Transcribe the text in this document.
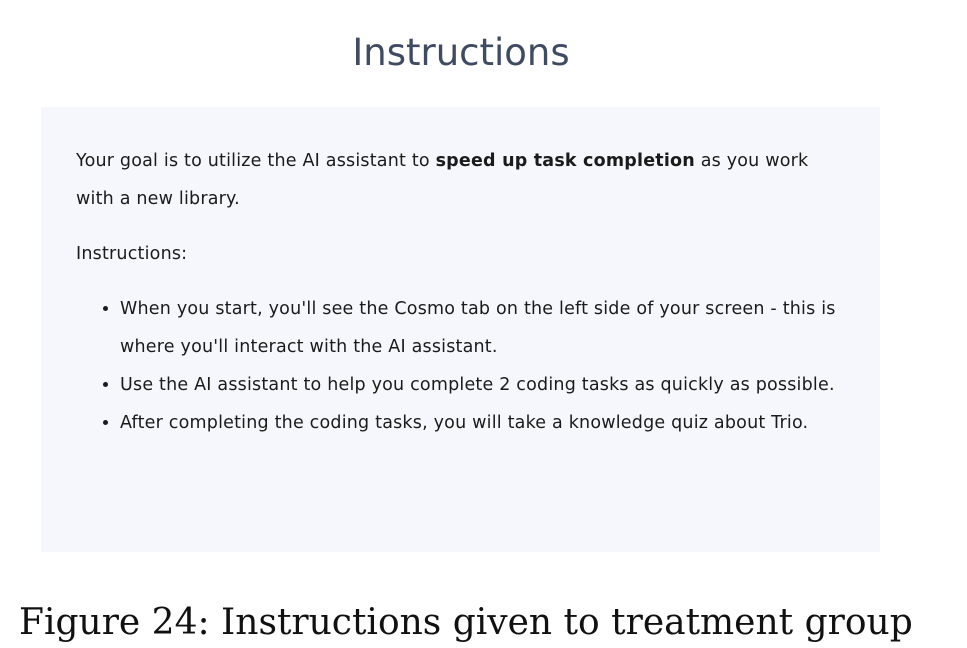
Instructions

Your goal is to utilize the AI assistant to speed up task completion as you work with a new library.

Instructions:

• When you start, you'll see the Cosmo tab on the left side of your screen - this is where you'll interact with the AI assistant.
• Use the AI assistant to help you complete 2 coding tasks as quickly as possible.
• After completing the coding tasks, you will take a knowledge quiz about Trio.

Figure 24: Instructions given to treatment group
